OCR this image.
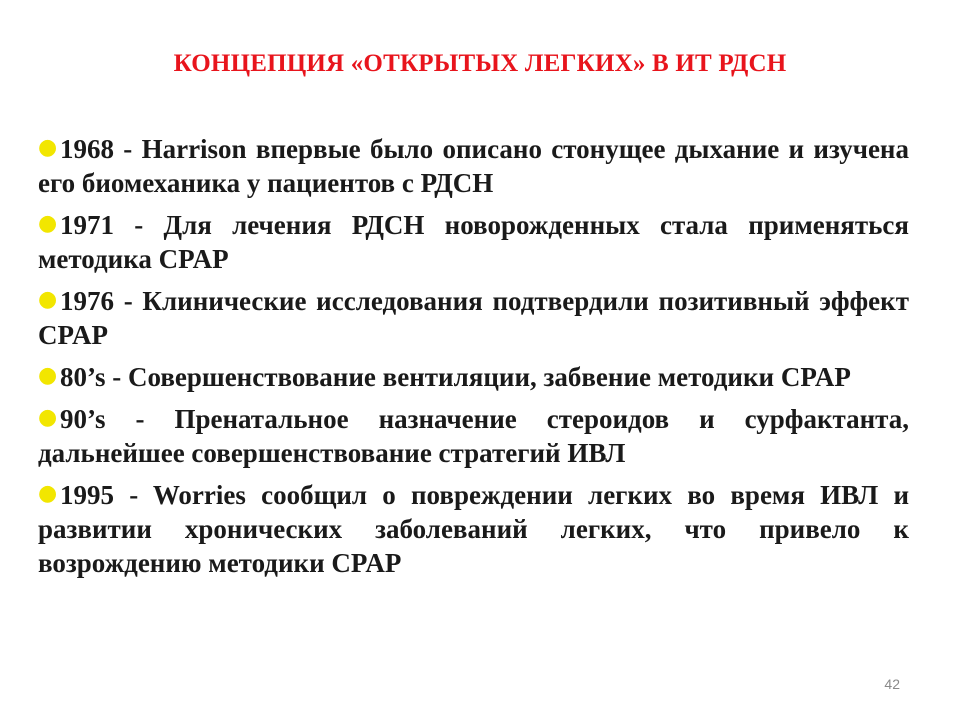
КОНЦЕПЦИЯ «ОТКРЫТЫХ ЛЕГКИХ» В ИТ РДСН
● 1968 - Harrison впервые было описано стонущее дыхание и изучена его биомеханика у пациентов с РДСН
● 1971 - Для лечения РДСН новорожденных стала применяться методика CPAP
● 1976 - Клинические исследования подтвердили позитивный эффект CPAP
● 80’s - Совершенствование вентиляции, забвение методики CPAP
● 90’s - Пренатальное назначение стероидов и сурфактанта, дальнейшее совершенствование стратегий ИВЛ
● 1995 - Worries сообщил о повреждении легких во время ИВЛ и развитии хронических заболеваний легких, что привело к возрождению методики CPAP
42
